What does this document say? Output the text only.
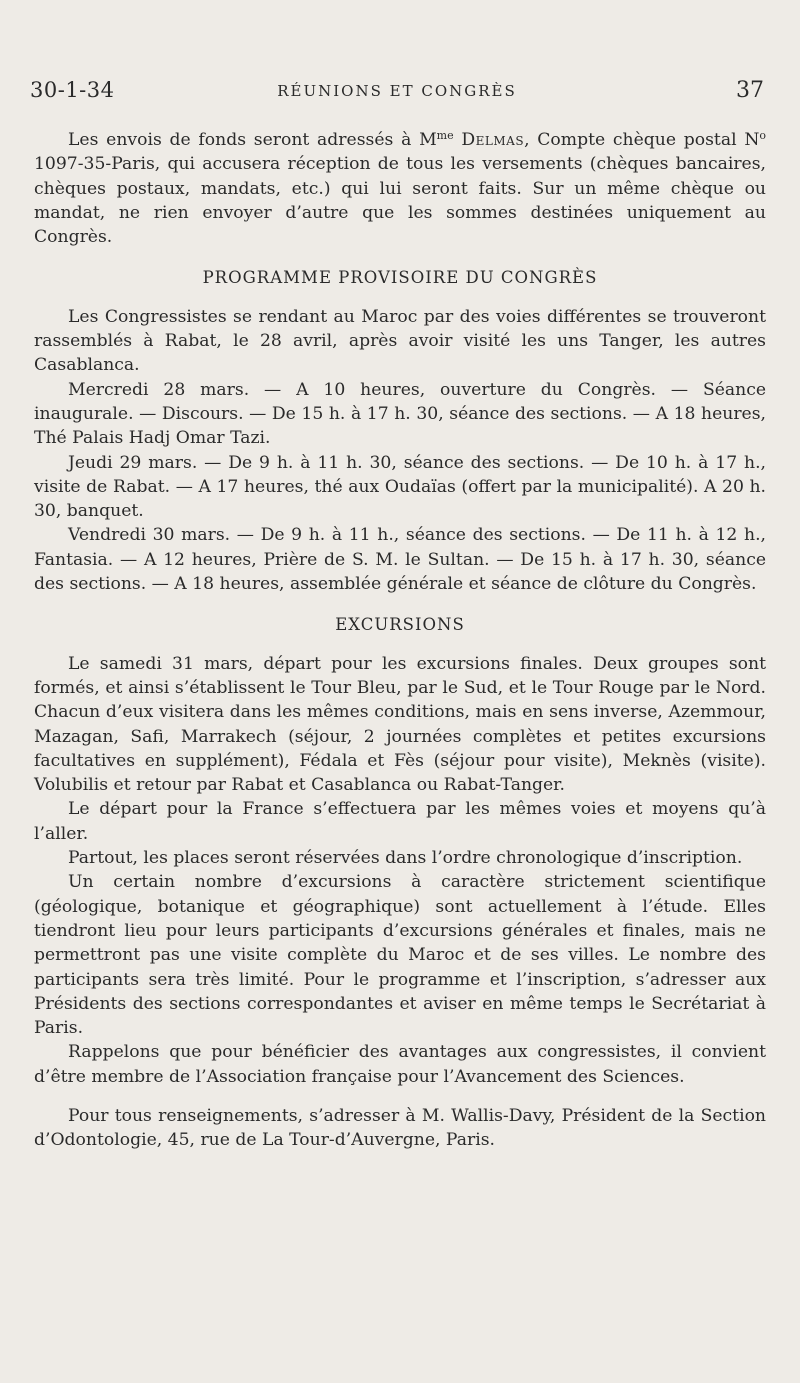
30-1-34	RÉUNIONS ET CONGRÈS	37

Les envois de fonds seront adressés à $M^{me}$ Delmas, Compte chèque postal $N^o$ 1097-35-Paris, qui accusera réception de tous les versements (chèques bancaires, chèques postaux, mandats, etc.) qui lui seront faits. Sur un même chèque ou mandat, ne rien envoyer d’autre que les sommes destinées uniquement au Congrès.

PROGRAMME PROVISOIRE DU CONGRÈS

Les Congressistes se rendant au Maroc par des voies différentes se trouveront rassemblés à Rabat, le 28 avril, après avoir visité les uns Tanger, les autres Casablanca.

Mercredi 28 mars. — A 10 heures, ouverture du Congrès. — Séance inaugurale. — Discours. — De 15 h. à 17 h. 30, séance des sections. — A 18 heures, Thé Palais Hadj Omar Tazi.

Jeudi 29 mars. — De 9 h. à 11 h. 30, séance des sections. — De 10 h. à 17 h., visite de Rabat. — A 17 heures, thé aux Oudaïas (offert par la municipalité). A 20 h. 30, banquet.

Vendredi 30 mars. — De 9 h. à 11 h., séance des sections. — De 11 h. à 12 h., Fantasia. — A 12 heures, Prière de S. M. le Sultan. — De 15 h. à 17 h. 30, séance des sections. — A 18 heures, assemblée générale et séance de clôture du Congrès.

EXCURSIONS

Le samedi 31 mars, départ pour les excursions finales. Deux groupes sont formés, et ainsi s’établissent le Tour Bleu, par le Sud, et le Tour Rouge par le Nord. Chacun d’eux visitera dans les mêmes conditions, mais en sens inverse, Azemmour, Mazagan, Safi, Marrakech (séjour, 2 journées complètes et petites excursions facultatives en supplément), Fédala et Fès (séjour pour visite), Meknès (visite). Volubilis et retour par Rabat et Casablanca ou Rabat-Tanger.

Le départ pour la France s’effectuera par les mêmes voies et moyens qu’à l’aller.

Partout, les places seront réservées dans l’ordre chronologique d’inscription.

Un certain nombre d’excursions à caractère strictement scientifique (géologique, botanique et géographique) sont actuellement à l’étude. Elles tiendront lieu pour leurs participants d’excursions générales et finales, mais ne permettront pas une visite complète du Maroc et de ses villes. Le nombre des participants sera très limité. Pour le programme et l’inscription, s’adresser aux Présidents des sections correspondantes et aviser en même temps le Secrétariat à Paris.

Rappelons que pour bénéficier des avantages aux congressistes, il convient d’être membre de l’Association française pour l’Avancement des Sciences.

Pour tous renseignements, s’adresser à M. Wallis-Davy, Président de la Section d’Odontologie, 45, rue de La Tour-d’Auvergne, Paris.
